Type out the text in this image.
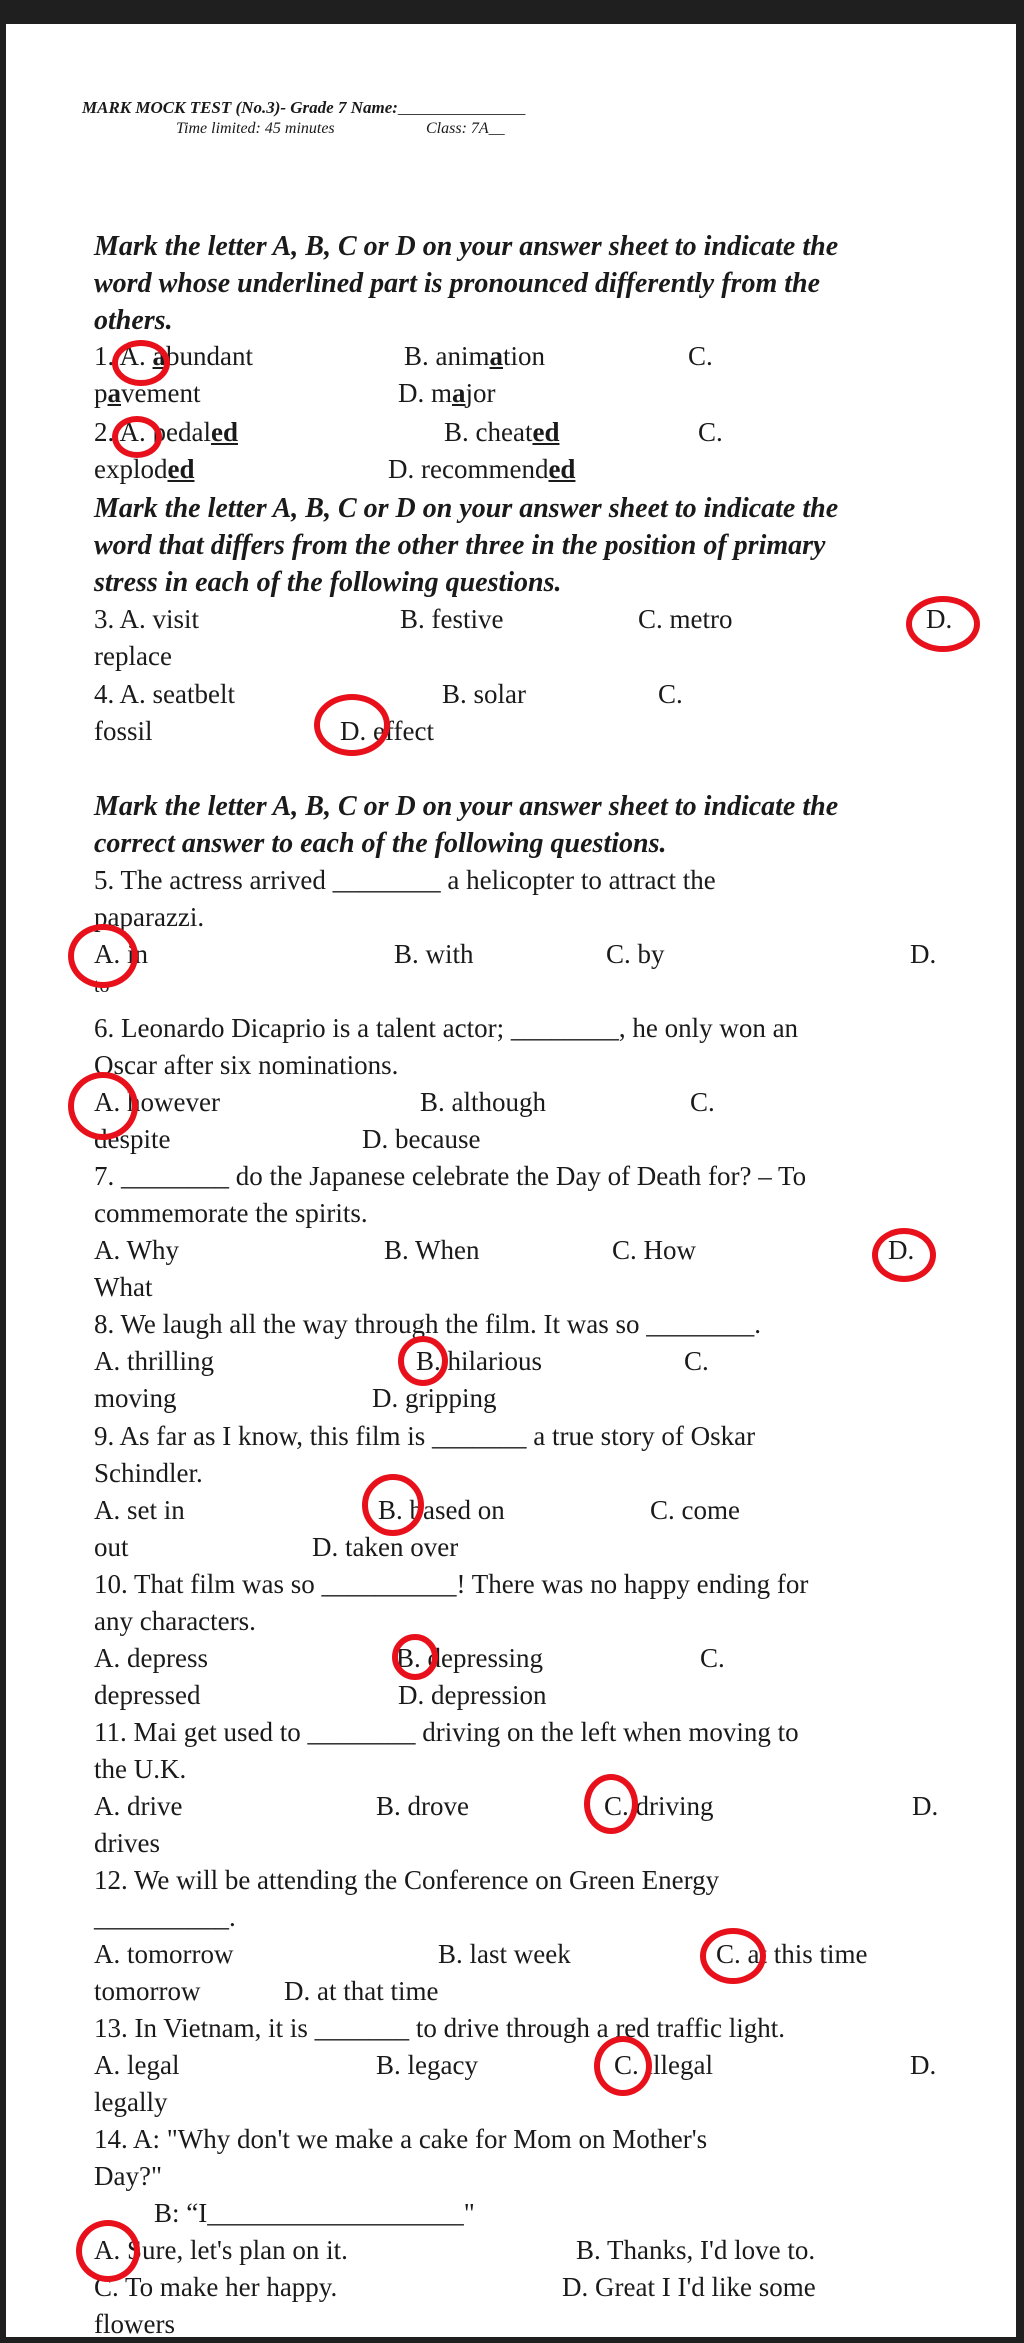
MARK MOCK TEST (No.3)- Grade 7 Name:_______________
Time limited: 45 minutes	Class: 7A__
Mark the letter A, B, C or D on your answer sheet to indicate the
word whose underlined part is pronounced differently from the
others.
1. A. abundant	B. animation	C.
pavement	D. major
2. A. pedaled	B. cheated	C.
exploded	D. recommended
Mark the letter A, B, C or D on your answer sheet to indicate the
word that differs from the other three in the position of primary
stress in each of the following questions.
3. A. visit	B. festive	C. metro	D.
replace
4. A. seatbelt	B. solar	C.
fossil	D. effect
Mark the letter A, B, C or D on your answer sheet to indicate the
correct answer to each of the following questions.
5. The actress arrived ________ a helicopter to attract the
paparazzi.
A. in	B. with	C. by	D.
to
6. Leonardo Dicaprio is a talent actor; ________, he only won an
Oscar after six nominations.
A. however	B. although	C.
despite	D. because
7. ________ do the Japanese celebrate the Day of Death for? – To
commemorate the spirits.
A. Why	B. When	C. How	D.
What
8. We laugh all the way through the film. It was so ________.
A. thrilling	B. hilarious	C.
moving	D. gripping
9. As far as I know, this film is _______ a true story of Oskar
Schindler.
A. set in	B. based on	C. come
out	D. taken over
10. That film was so __________! There was no happy ending for
any characters.
A. depress	B. depressing	C.
depressed	D. depression
11. Mai get used to ________ driving on the left when moving to
the U.K.
A. drive	B. drove	C. driving	D.
drives
12. We will be attending the Conference on Green Energy
__________.
A. tomorrow	B. last week	C. at this time
tomorrow	D. at that time
13. In Vietnam, it is _______ to drive through a red traffic light.
A. legal	B. legacy	C. illegal	D.
legally
14. A: "Why don't we make a cake for Mom on Mother's
Day?"
B: “I___________________"
A. Sure, let's plan on it.	B. Thanks, I'd love to.
C. To make her happy.	D. Great I I'd like some
flowers
